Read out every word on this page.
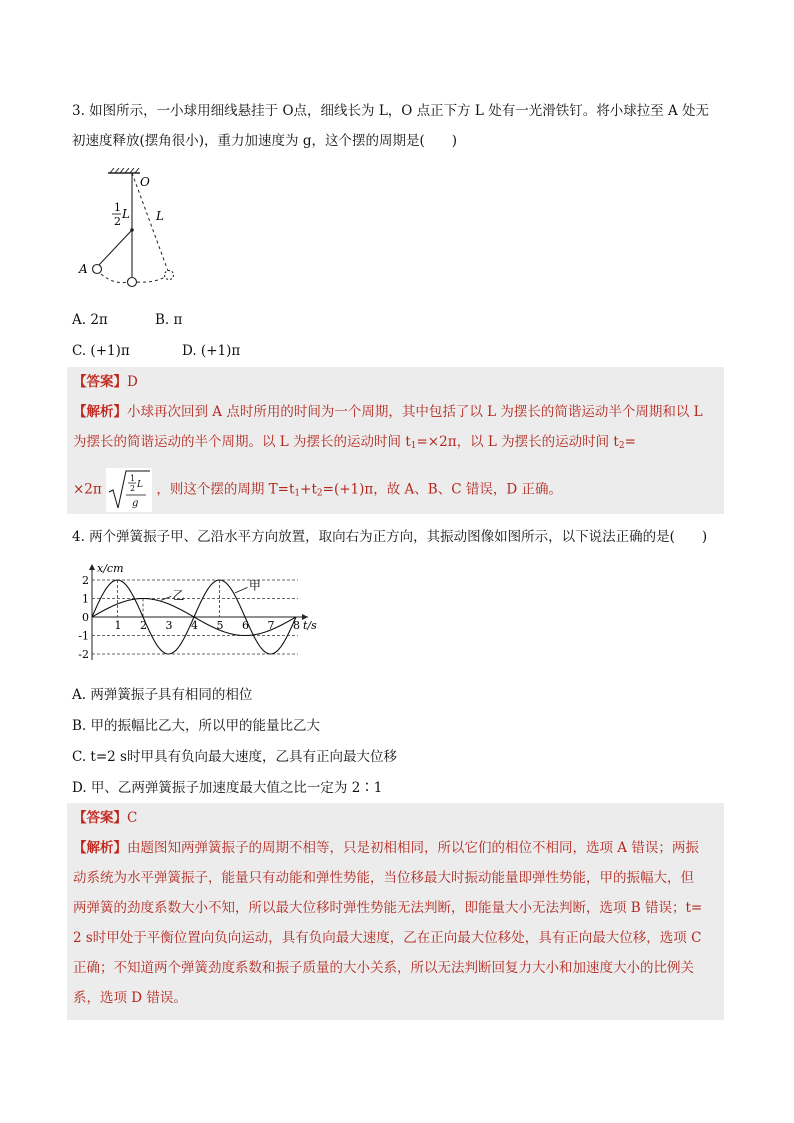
3. 如图所示，一小球用细线悬挂于 O点，细线长为 L，O 点正下方 L 处有一光滑铁钉。将小球拉至 A 处无
初速度释放(摆角很小)，重力加速度为 g，这个摆的周期是(　　)
O
1
2
L L
A
A. 2π	B. π
C. (+1)π	D. (+1)π
【答案】D
【解析】小球再次回到 A 点时所用的时间为一个周期，其中包括了以 L 为摆长的简谐运动半个周期和以 L
为摆长的简谐运动的半个周期。以 L 为摆长的运动时间 $t_1=\times 2\pi$，以 L 为摆长的运动时间 $t_2=$
×2π
1
2 L
g
，则这个摆的周期 $T=t_1+t_2=(+1)\pi$，故 A、B、C 错误，D 正确。
4. 两个弹簧振子甲、乙沿水平方向放置，取向右为正方向，其振动图像如图所示，以下说法正确的是(　　)
2
1
0
-1
-2
1 2 3 4 5 6 7 8
x/cm
t/s
甲
乙
A. 两弹簧振子具有相同的相位
B. 甲的振幅比乙大，所以甲的能量比乙大
C. t=2 s时甲具有负向最大速度，乙具有正向最大位移
D. 甲、乙两弹簧振子加速度最大值之比一定为 2∶1
【答案】C
【解析】由题图知两弹簧振子的周期不相等，只是初相相同，所以它们的相位不相同，选项 A 错误；两振
动系统为水平弹簧振子，能量只有动能和弹性势能，当位移最大时振动能量即弹性势能，甲的振幅大，但
两弹簧的劲度系数大小不知，所以最大位移时弹性势能无法判断，即能量大小无法判断，选项 B 错误；t=
2 s时甲处于平衡位置向负向运动，具有负向最大速度，乙在正向最大位移处，具有正向最大位移，选项 C
正确；不知道两个弹簧劲度系数和振子质量的大小关系，所以无法判断回复力大小和加速度大小的比例关
系，选项 D 错误。
